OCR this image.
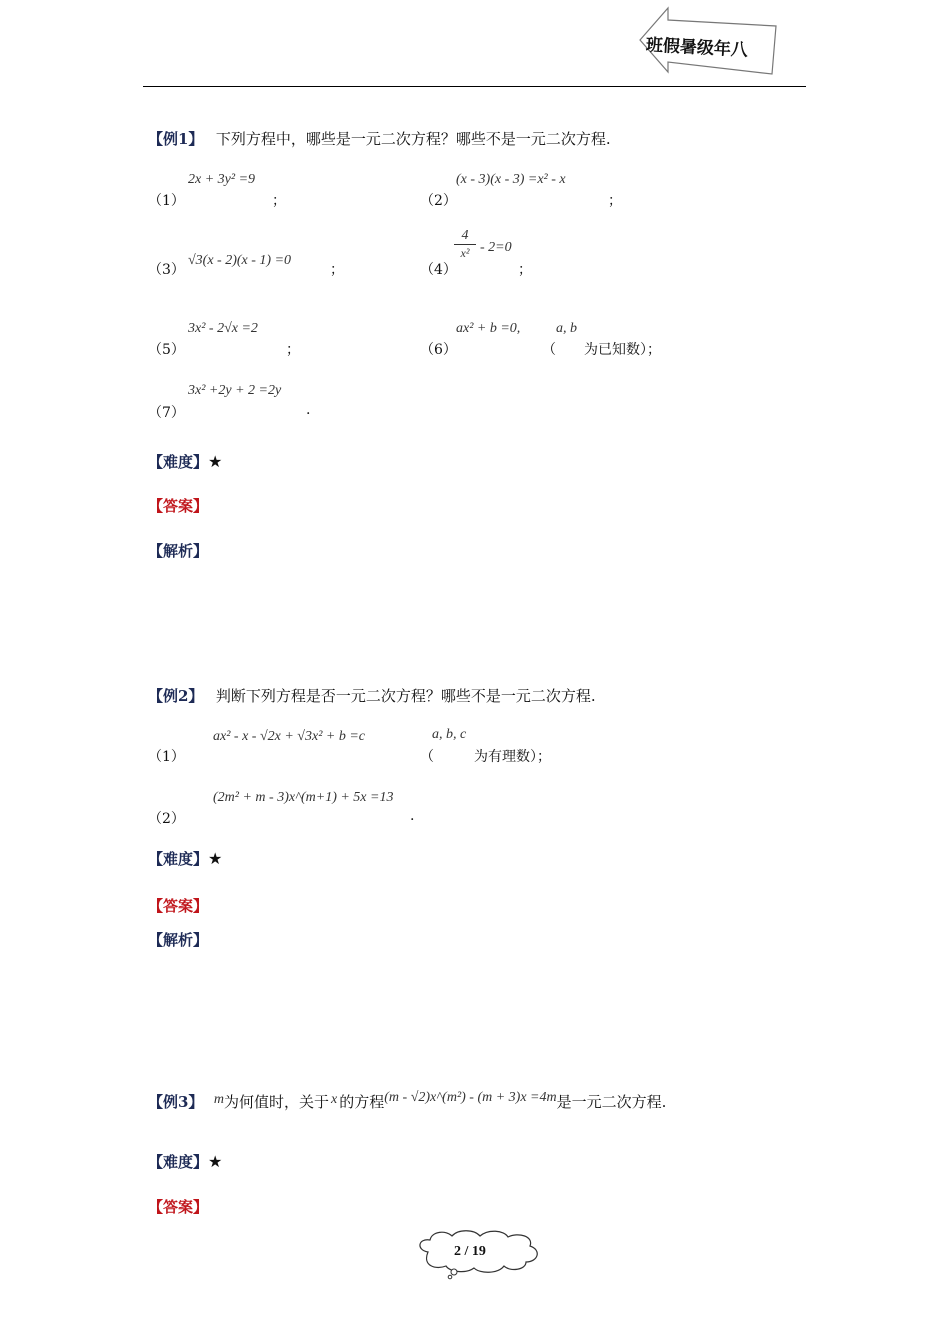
班假暑级年八
【例1】 下列方程中，哪些是一元二次方程？哪些不是一元二次方程.
（1）
2x + 3y² =9
；	（2）
(x - 3)(x - 3) =x² - x
；
（3）
√3(x - 2)(x - 1) =0
；	（4）
$\frac{4}{\text{x²}} - 2=0$
；
（5）
3x² - 2√x =2
；	（6）
ax² + b =0,	a, b
（ 为已知数）；
（7）
3x² +2y + 2 =2y
.
【难度】★
【答案】
【解析】
【例2】 判断下列方程是否一元二次方程？哪些不是一元二次方程.
（1）
ax² - x - √2x + √3x² + b =c	a, b, c
（	为有理数）；
（2）
(2m² + m - 3)x^(m+1) + 5x =13
.
【难度】★
【答案】
【解析】
【例3】 m为何值时，关于 x 的方程(m - √2)x^(m²) - (m + 3)x =4m是一元二次方程.
【难度】★
【答案】
2 / 19
